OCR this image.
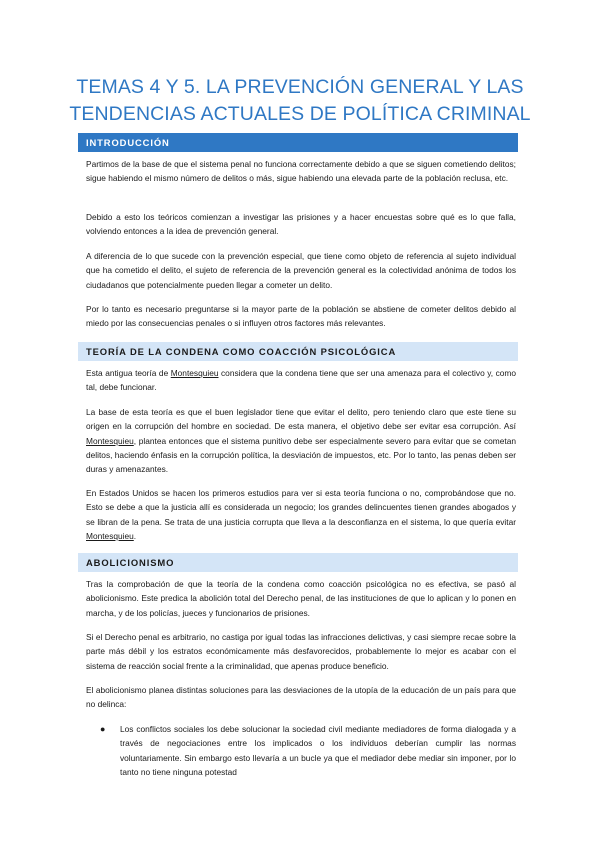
TEMAS 4 Y 5. LA PREVENCIÓN GENERAL Y LAS
TENDENCIAS ACTUALES DE POLÍTICA CRIMINAL
INTRODUCCIÓN

Partimos de la base de que el sistema penal no funciona correctamente debido a que se siguen cometiendo delitos; sigue habiendo el mismo número de delitos o más, sigue habiendo una elevada parte de la población reclusa, etc.

Debido a esto los teóricos comienzan a investigar las prisiones y a hacer encuestas sobre qué es lo que falla, volviendo entonces a la idea de prevención general.

A diferencia de lo que sucede con la prevención especial, que tiene como objeto de referencia al sujeto individual que ha cometido el delito, el sujeto de referencia de la prevención general es la colectividad anónima de todos los ciudadanos que potencialmente pueden llegar a cometer un delito.

Por lo tanto es necesario preguntarse si la mayor parte de la población se abstiene de cometer delitos debido al miedo por las consecuencias penales o si influyen otros factores más relevantes.

TEORÍA DE LA CONDENA COMO COACCIÓN PSICOLÓGICA

Esta antigua teoría de Montesquieu considera que la condena tiene que ser una amenaza para el colectivo y, como tal, debe funcionar.

La base de esta teoría es que el buen legislador tiene que evitar el delito, pero teniendo claro que este tiene su origen en la corrupción del hombre en sociedad. De esta manera, el objetivo debe ser evitar esa corrupción. Así Montesquieu, plantea entonces que el sistema punitivo debe ser especialmente severo para evitar que se cometan delitos, haciendo énfasis en la corrupción política, la desviación de impuestos, etc. Por lo tanto, las penas deben ser duras y amenazantes.

En Estados Unidos se hacen los primeros estudios para ver si esta teoría funciona o no, comprobándose que no. Esto se debe a que la justicia allí es considerada un negocio; los grandes delincuentes tienen grandes abogados y se libran de la pena. Se trata de una justicia corrupta que lleva a la desconfianza en el sistema, lo que quería evitar Montesquieu.

ABOLICIONISMO

Tras la comprobación de que la teoría de la condena como coacción psicológica no es efectiva, se pasó al abolicionismo. Este predica la abolición total del Derecho penal, de las instituciones de que lo aplican y lo ponen en marcha, y de los policías, jueces y funcionarios de prisiones.

Si el Derecho penal es arbitrario, no castiga por igual todas las infracciones delictivas, y casi siempre recae sobre la parte más débil y los estratos económicamente más desfavorecidos, probablemente lo mejor es acabar con el sistema de reacción social frente a la criminalidad, que apenas produce beneficio.

El abolicionismo planea distintas soluciones para las desviaciones de la utopía de la educación de un país para que no delinca:

●	Los conflictos sociales los debe solucionar la sociedad civil mediante mediadores de forma dialogada y a través de negociaciones entre los implicados o los individuos deberían cumplir las normas voluntariamente. Sin embargo esto llevaría a un bucle ya que el mediador debe mediar sin imponer, por lo tanto no tiene ninguna potestad
